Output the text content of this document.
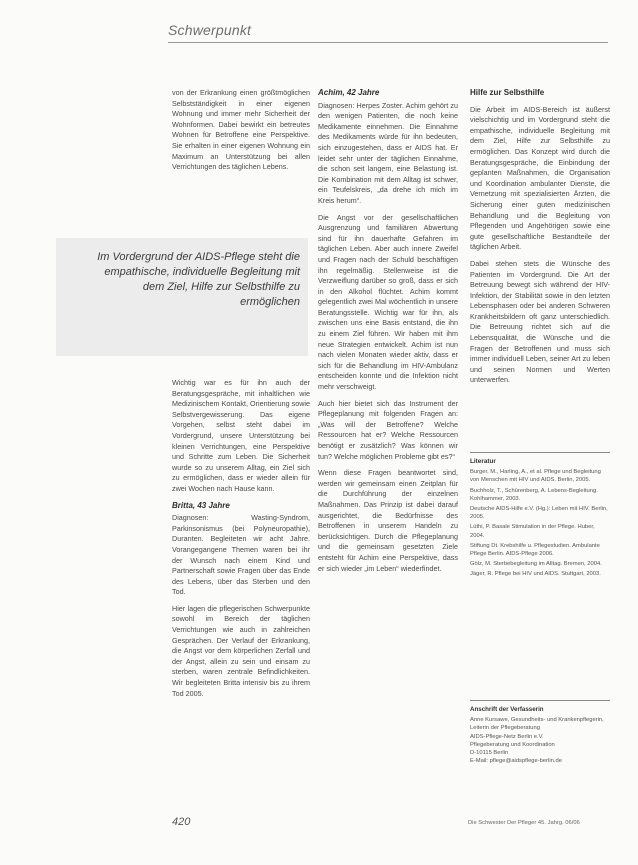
Schwerpunkt

von der Erkrankung einen größtmöglichen Selbstständigkeit in einer eigenen Wohnung und immer mehr Sicherheit der Wohnformen. Dabei bewirkt ein betreutes Wohnen für Betroffene eine Perspektive. Sie erhalten in einer eigenen Wohnung ein Maximum an Unterstützung bei allen Verrichtungen des täglichen Lebens.

Im Vordergrund der AIDS-Pflege steht die empathische, individuelle Begleitung mit dem Ziel, Hilfe zur Selbsthilfe zu ermöglichen

Wichtig war es für ihn auch der Beratungsgespräche, mit inhaltlichen wie Medizinischem Kontakt, Orientierung sowie Selbstvergewisserung. Das eigene Vorgehen, selbst steht dabei im Vordergrund, unsere Unterstützung bei kleinen Verrichtungen, eine Perspektive und Schritte zum Leben. Die Sicherheit wurde so zu unserem Alltag, ein Ziel sich zu ermöglichen, dass er wieder allein für zwei Wochen nach Hause kann.

Britta, 43 Jahre

Diagnosen: Wasting-Syndrom, Parkinsonismus (bei Polyneuropathie), Duranten. Begleiteten wir acht Jahre. Vorangegangene Themen waren bei ihr der Wunsch nach einem Kind und Partnerschaft sowie Fragen über das Ende des Lebens, über das Sterben und den Tod.

Hier lagen die pflegerischen Schwerpunkte sowohl im Bereich der täglichen Verrichtungen wie auch in zahlreichen Gesprächen. Der Verlauf der Erkrankung, die Angst vor dem körperlichen Zerfall und der Angst, allein zu sein und einsam zu sterben, waren zentrale Befindlichkeiten. Wir begleiteten Britta intensiv bis zu ihrem Tod 2005.

Achim, 42 Jahre

Diagnosen: Herpes Zoster. Achim gehört zu den wenigen Patienten, die noch keine Medikamente einnehmen. Die Einnahme des Medikaments würde für ihn bedeuten, sich einzugestehen, dass er AIDS hat. Er leidet sehr unter der täglichen Einnahme, die schon seit langem, eine Belastung ist. Die Kombination mit dem Alltag ist schwer, ein Teufelskreis, „da drehe ich mich im Kreis herum“.

Die Angst vor der gesellschaftlichen Ausgrenzung und familiären Abwertung sind für ihn dauerhafte Gefahren im täglichen Leben. Aber auch innere Zweifel und Fragen nach der Schuld beschäftigen ihn regelmäßig. Stellenweise ist die Verzweiflung darüber so groß, dass er sich in den Alkohol flüchtet. Achim kommt gelegentlich zwei Mal wöchentlich in unsere Beratungsstelle. Wichtig war für ihn, als zwischen uns eine Basis entstand, die ihn zu einem Ziel führen. Wir haben mit ihm neue Strategien entwickelt. Achim ist nun nach vielen Monaten wieder aktiv, dass er sich für die Behandlung im HIV-Ambulanz entscheiden konnte und die Infektion nicht mehr verschweigt.

Auch hier bietet sich das Instrument der Pflegeplanung mit folgenden Fragen an: „Was will der Betroffene? Welche Ressourcen hat er? Welche Ressourcen benötigt er zusätzlich? Was können wir tun? Welche möglichen Probleme gibt es?“

Wenn diese Fragen beantwortet sind, werden wir gemeinsam einen Zeitplan für die Durchführung der einzelnen Maßnahmen. Das Prinzip ist dabei darauf ausgerichtet, die Bedürfnisse des Betroffenen in unserem Handeln zu berücksichtigen. Durch die Pflegeplanung und die gemeinsam gesetzten Ziele entsteht für Achim eine Perspektive, dass er sich wieder „im Leben“ wiederfindet.

Hilfe zur Selbsthilfe

Die Arbeit im AIDS-Bereich ist äußerst vielschichtig und im Vordergrund steht die empathische, individuelle Begleitung mit dem Ziel, Hilfe zur Selbsthilfe zu ermöglichen. Das Konzept wird durch die Beratungsgespräche, die Einbindung der geplanten Maßnahmen, die Organisation und Koordination ambulanter Dienste, die Vernetzung mit spezialisierten Ärzten, die Sicherung einer guten medizinischen Behandlung und die Begleitung von Pflegenden und Angehörigen sowie eine gute gesellschaftliche Bestandteile der täglichen Arbeit.

Dabei stehen stets die Wünsche des Patienten im Vordergrund. Die Art der Betreuung bewegt sich während der HIV-Infektion, der Stabilität sowie in den letzten Lebensphasen oder bei anderen Schweren Krankheitsbildern oft ganz unterschiedlich. Die Betreuung richtet sich auf die Lebensqualität, die Wünsche und die Fragen der Betroffenen und muss sich immer individuell Leben, seiner Art zu leben und seinen Normen und Werten unterwerfen.

Literatur
Burger, M., Harling, A., et al. Pflege und Begleitung von Menschen mit HIV und AIDS. Berlin, 2005.
Buchholz, T., Schürenberg, A. Lebens-Begleitung. Kohlhammer, 2003.
Deutsche AIDS-Hilfe e.V. (Hg.): Leben mit HIV. Berlin, 2005.
Lüthi, P. Basale Stimulation in der Pflege. Huber, 2004.
Stiftung Dt. Krebshilfe u. Pflegestudien. Ambulante Pflege Berlin. AIDS-Pflege 2006.
Gölz, M. Sterbebegleitung im Alltag. Bremen, 2004.
Jäger, R. Pflege bei HIV und AIDS. Stuttgart, 2003.
Anschrift der Verfasserin
Anne Kursawe, Gesundheits- und Krankenpflegerin,
Leiterin der Pflegeberatung
AIDS-Pflege-Netz Berlin e.V.
Pflegeberatung und Koordination
D-10115 Berlin
E-Mail: pflege@aidspflege-berlin.de
420	Die Schwester Der Pfleger 45. Jahrg. 06/06
